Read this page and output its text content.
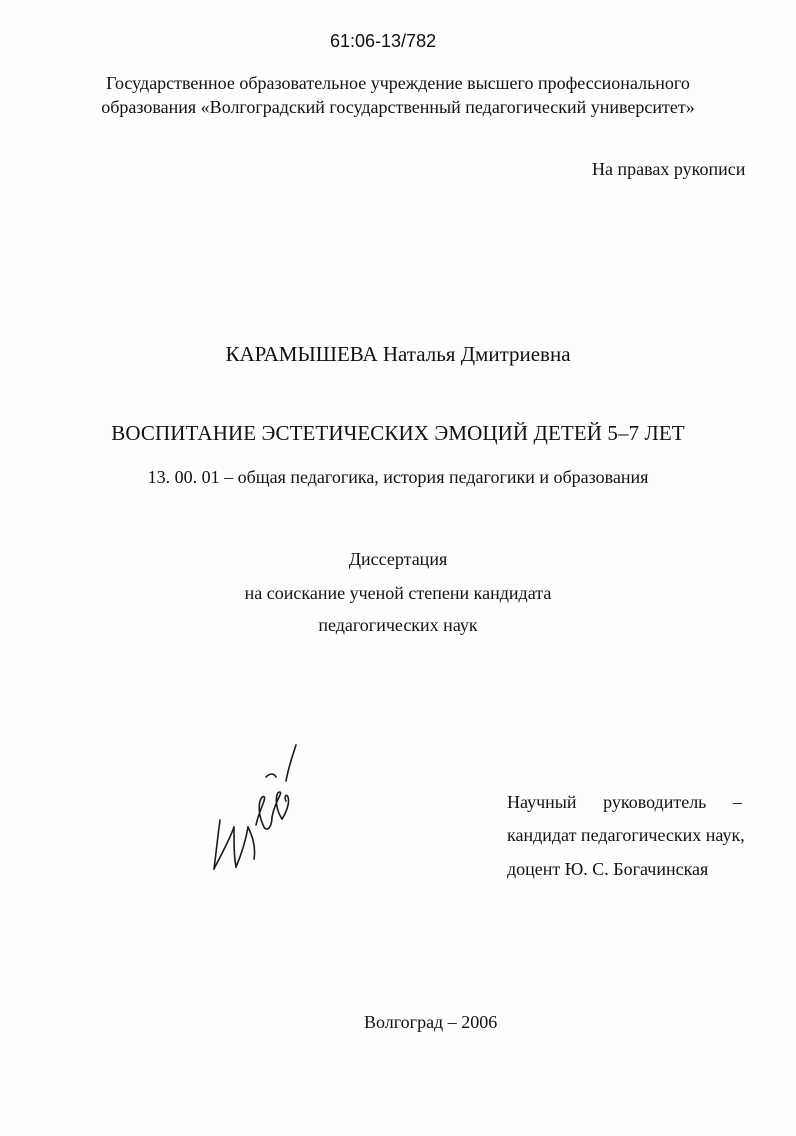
61:06-13/782
Государственное образовательное учреждение высшего профессионального
образования «Волгоградский государственный педагогический университет»
На правах рукописи
КАРАМЫШЕВА Наталья Дмитриевна
ВОСПИТАНИЕ ЭСТЕТИЧЕСКИХ ЭМОЦИЙ ДЕТЕЙ 5–7 ЛЕТ
13. 00. 01 – общая педагогика, история педагогики и образования
Диссертация
на соискание ученой степени кандидата
педагогических наук
Научный руководитель –
кандидат педагогических наук,
доцент Ю. С. Богачинская
Волгоград – 2006
